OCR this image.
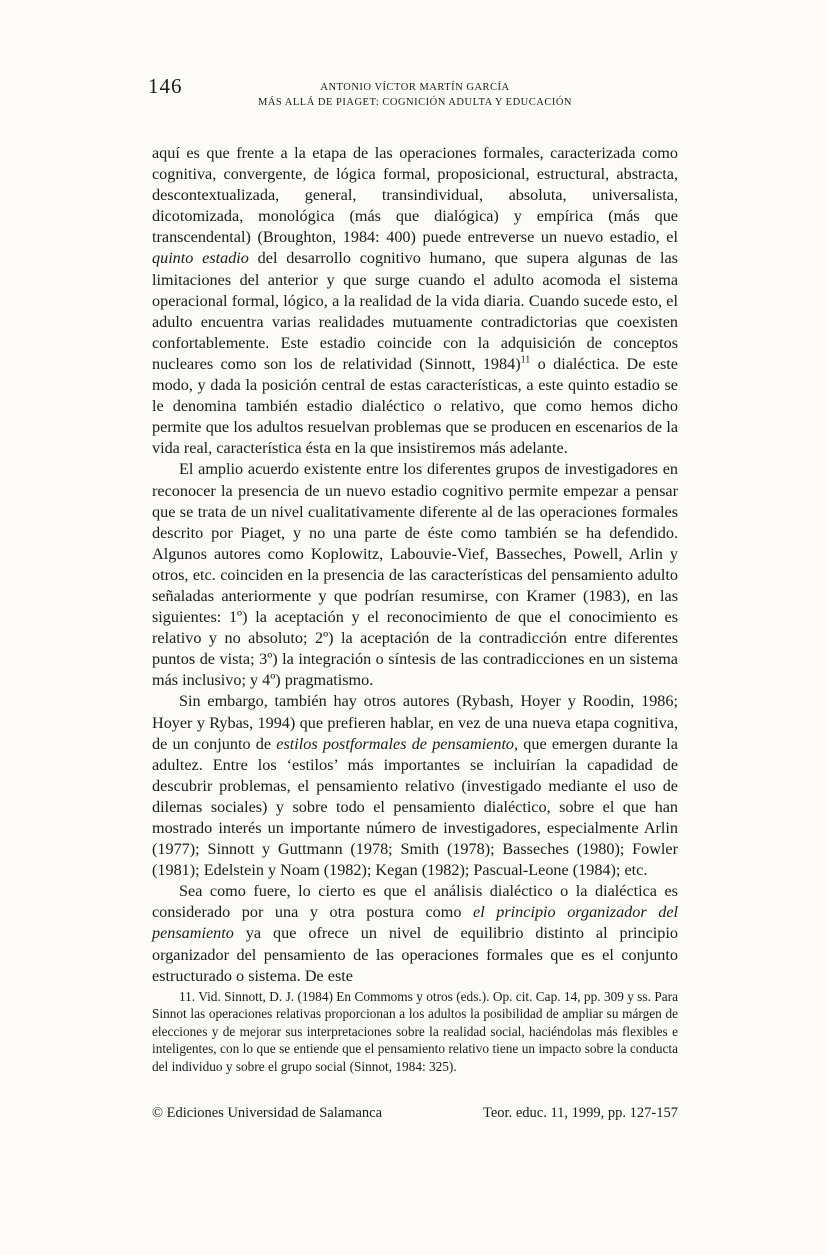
146	ANTONIO VÍCTOR MARTÍN GARCÍA
MÁS ALLÁ DE PIAGET: COGNICIÓN ADULTA Y EDUCACIÓN

aquí es que frente a la etapa de las operaciones formales, caracterizada como cognitiva, convergente, de lógica formal, proposicional, estructural, abstracta, descontextualizada, general, transindividual, absoluta, universalista, dicotomizada, monológica (más que dialógica) y empírica (más que transcendental) (Broughton, 1984: 400) puede entreverse un nuevo estadio, el quinto estadio del desarrollo cognitivo humano, que supera algunas de las limitaciones del anterior y que surge cuando el adulto acomoda el sistema operacional formal, lógico, a la realidad de la vida diaria. Cuando sucede esto, el adulto encuentra varias realidades mutuamente contradictorias que coexisten confortablemente. Este estadio coincide con la adquisición de conceptos nucleares como son los de relatividad (Sinnott, 1984)$^{11}$ o dialéctica. De este modo, y dada la posición central de estas características, a este quinto estadio se le denomina también estadio dialéctico o relativo, que como hemos dicho permite que los adultos resuelvan problemas que se producen en escenarios de la vida real, característica ésta en la que insistiremos más adelante.

El amplio acuerdo existente entre los diferentes grupos de investigadores en reconocer la presencia de un nuevo estadio cognitivo permite empezar a pensar que se trata de un nivel cualitativamente diferente al de las operaciones formales descrito por Piaget, y no una parte de éste como también se ha defendido. Algunos autores como Koplowitz, Labouvie-Vief, Basseches, Powell, Arlin y otros, etc. coinciden en la presencia de las características del pensamiento adulto señaladas anteriormente y que podrían resumirse, con Kramer (1983), en las siguientes: 1º) la aceptación y el reconocimiento de que el conocimiento es relativo y no absoluto; 2º) la aceptación de la contradicción entre diferentes puntos de vista; 3º) la integración o síntesis de las contradicciones en un sistema más inclusivo; y 4º) pragmatismo.

Sin embargo, también hay otros autores (Rybash, Hoyer y Roodin, 1986; Hoyer y Rybas, 1994) que prefieren hablar, en vez de una nueva etapa cognitiva, de un conjunto de estilos postformales de pensamiento, que emergen durante la adultez. Entre los ‘estilos’ más importantes se incluirían la capadidad de descubrir problemas, el pensamiento relativo (investigado mediante el uso de dilemas sociales) y sobre todo el pensamiento dialéctico, sobre el que han mostrado interés un importante número de investigadores, especialmente Arlin (1977); Sinnott y Guttmann (1978; Smith (1978); Basseches (1980); Fowler (1981); Edelstein y Noam (1982); Kegan (1982); Pascual-Leone (1984); etc.

Sea como fuere, lo cierto es que el análisis dialéctico o la dialéctica es considerado por una y otra postura como el principio organizador del pensamiento ya que ofrece un nivel de equilibrio distinto al principio organizador del pensamiento de las operaciones formales que es el conjunto estructurado o sistema. De este

11. Vid. Sinnott, D. J. (1984) En Commoms y otros (eds.). Op. cit. Cap. 14, pp. 309 y ss. Para Sinnot las operaciones relativas proporcionan a los adultos la posibilidad de ampliar su márgen de elecciones y de mejorar sus interpretaciones sobre la realidad social, haciéndolas más flexibles e inteligentes, con lo que se entiende que el pensamiento relativo tiene un impacto sobre la conducta del individuo y sobre el grupo social (Sinnot, 1984: 325).
© Ediciones Universidad de Salamanca	Teor. educ. 11, 1999, pp. 127-157
